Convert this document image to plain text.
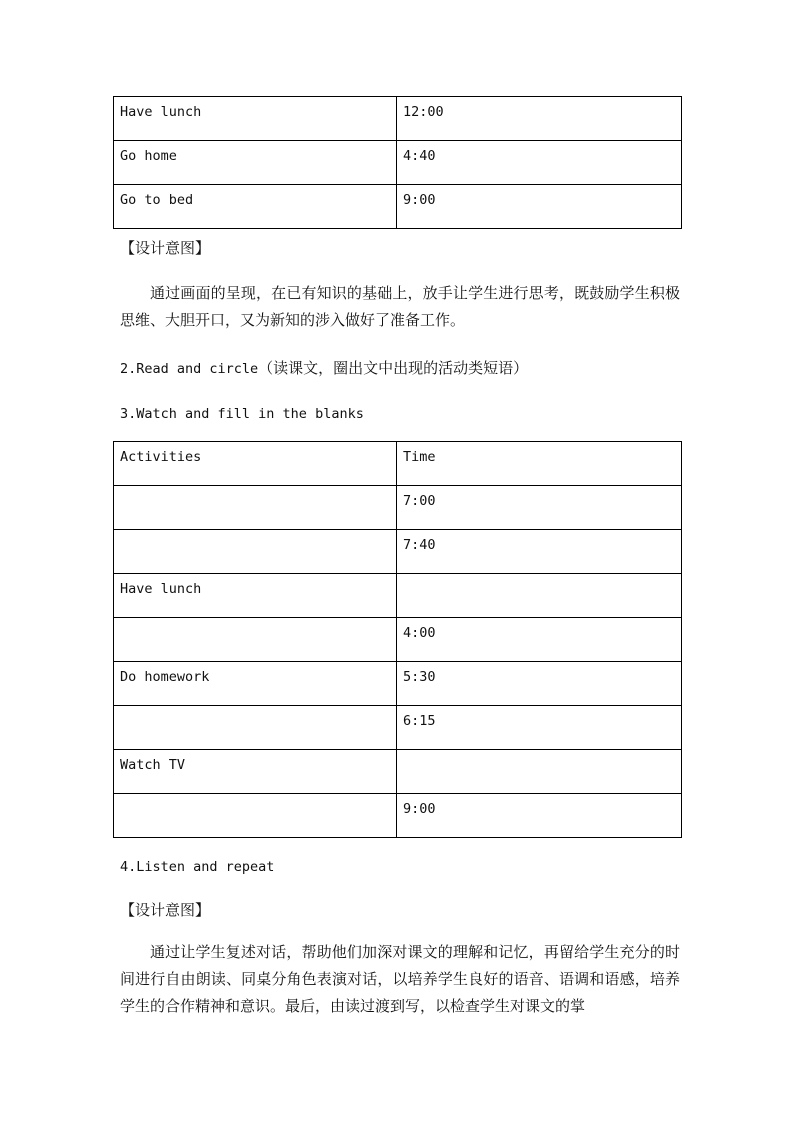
Have lunch	12:00
Go home	4:40
Go to bed	9:00
【设计意图】

通过画面的呈现，在已有知识的基础上，放手让学生进行思考，既鼓励学生积极思维、大胆开口，又为新知的涉入做好了准备工作。

2.Read and circle（读课文，圈出文中出现的活动类短语）
3.Watch and fill in the blanks
Activities	Time
	7:00
	7:40
Have lunch	
	4:00
Do homework	5:30
	6:15
Watch TV	
	9:00
4.Listen and repeat
【设计意图】

通过让学生复述对话，帮助他们加深对课文的理解和记忆，再留给学生充分的时间进行自由朗读、同桌分角色表演对话，以培养学生良好的语音、语调和语感，培养学生的合作精神和意识。最后，由读过渡到写，以检查学生对课文的掌
